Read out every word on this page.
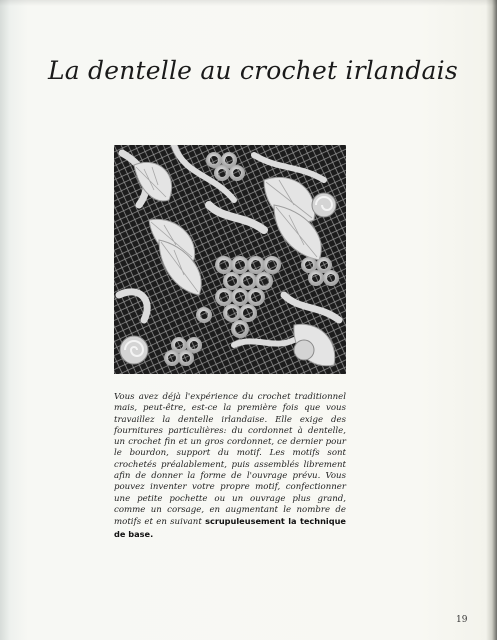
La dentelle au crochet irlandais

Vous avez déjà l'expérience du crochet traditionnel mais, peut-être, est-ce la première fois que vous travaillez la dentelle irlandaise. Elle exige des fournitures particulières: du cordonnet à dentelle, un crochet fin et un gros cordonnet, ce dernier pour le bourdon, support du motif. Les motifs sont crochetés préalablement, puis assemblés librement afin de donner la forme de l'ouvrage prévu. Vous pouvez inventer votre propre motif, confectionner une petite pochette ou un ouvrage plus grand, comme un corsage, en augmentant le nombre de motifs et en suivant scrupuleusement la technique de base.

19
